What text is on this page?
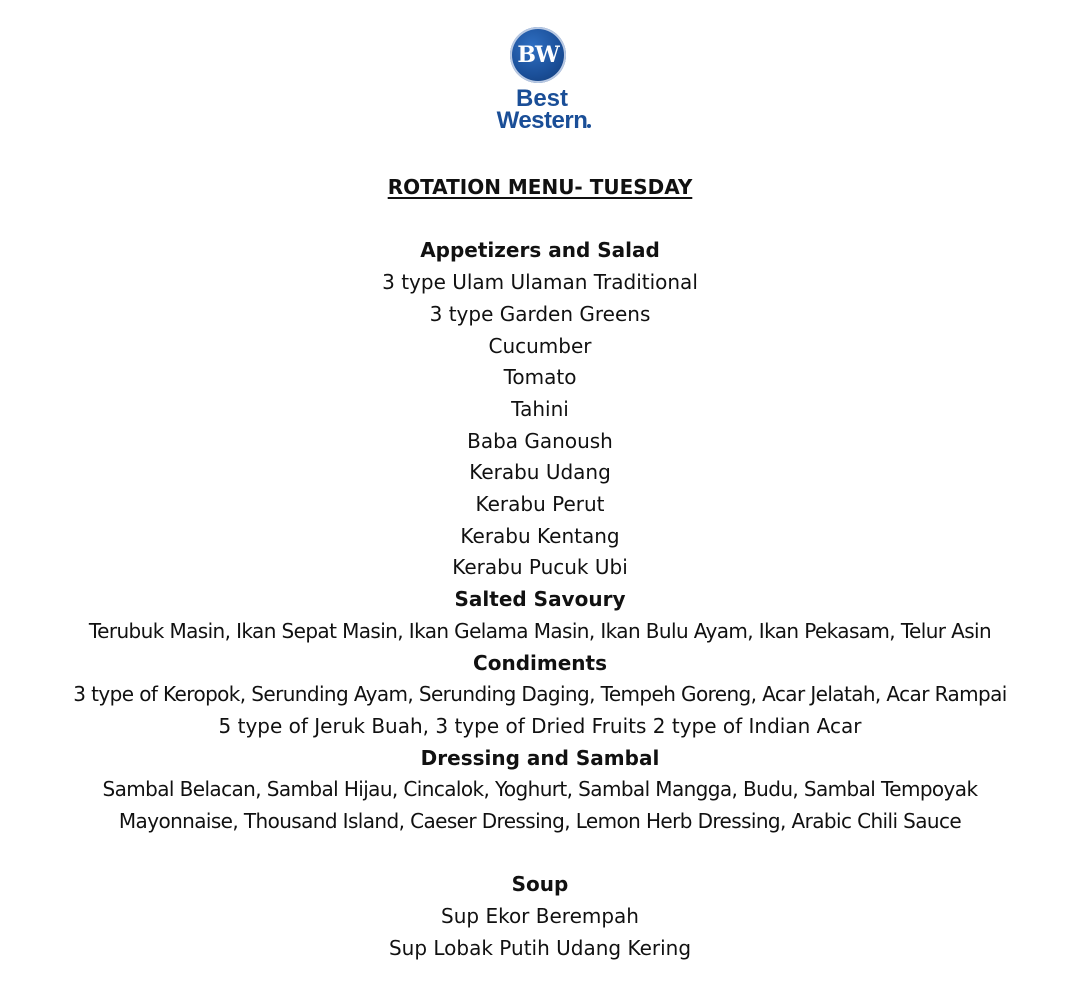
BW
Best
Western
ROTATION MENU- TUESDAY
Appetizers and Salad
3 type Ulam Ulaman Traditional
3 type Garden Greens
Cucumber
Tomato
Tahini
Baba Ganoush
Kerabu Udang
Kerabu Perut
Kerabu Kentang
Kerabu Pucuk Ubi
Salted Savoury
Terubuk Masin, Ikan Sepat Masin, Ikan Gelama Masin, Ikan Bulu Ayam, Ikan Pekasam, Telur Asin
Condiments
3 type of Keropok, Serunding Ayam, Serunding Daging, Tempeh Goreng, Acar Jelatah, Acar Rampai
5 type of Jeruk Buah, 3 type of Dried Fruits 2 type of Indian Acar
Dressing and Sambal
Sambal Belacan, Sambal Hijau, Cincalok, Yoghurt, Sambal Mangga, Budu, Sambal Tempoyak
Mayonnaise, Thousand Island, Caeser Dressing, Lemon Herb Dressing, Arabic Chili Sauce
Soup
Sup Ekor Berempah
Sup Lobak Putih Udang Kering
